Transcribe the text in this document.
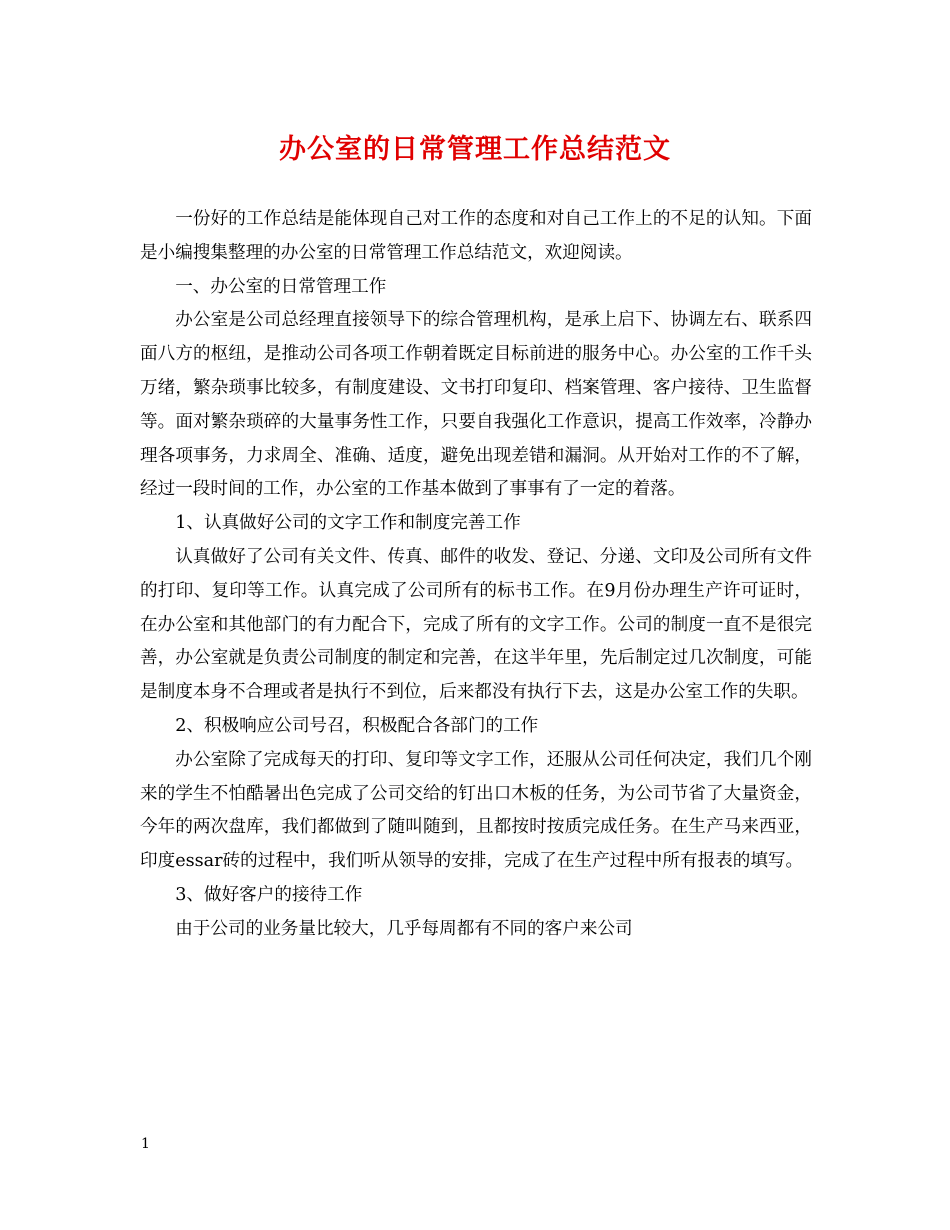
办公室的日常管理工作总结范文

一份好的工作总结是能体现自己对工作的态度和对自己工作上的不足的认知。下面是小编搜集整理的办公室的日常管理工作总结范文，欢迎阅读。

一、办公室的日常管理工作

办公室是公司总经理直接领导下的综合管理机构，是承上启下、协调左右、联系四面八方的枢纽，是推动公司各项工作朝着既定目标前进的服务中心。办公室的工作千头万绪，繁杂琐事比较多，有制度建设、文书打印复印、档案管理、客户接待、卫生监督等。面对繁杂琐碎的大量事务性工作，只要自我强化工作意识，提高工作效率，冷静办理各项事务，力求周全、准确、适度，避免出现差错和漏洞。从开始对工作的不了解，经过一段时间的工作，办公室的工作基本做到了事事有了一定的着落。

1、认真做好公司的文字工作和制度完善工作

认真做好了公司有关文件、传真、邮件的收发、登记、分递、文印及公司所有文件的打印、复印等工作。认真完成了公司所有的标书工作。在9月份办理生产许可证时，在办公室和其他部门的有力配合下，完成了所有的文字工作。公司的制度一直不是很完善，办公室就是负责公司制度的制定和完善，在这半年里，先后制定过几次制度，可能是制度本身不合理或者是执行不到位，后来都没有执行下去，这是办公室工作的失职。

2、积极响应公司号召，积极配合各部门的工作

办公室除了完成每天的打印、复印等文字工作，还服从公司任何决定，我们几个刚来的学生不怕酷暑出色完成了公司交给的钉出口木板的任务，为公司节省了大量资金，今年的两次盘库，我们都做到了随叫随到，且都按时按质完成任务。在生产马来西亚，印度essar砖的过程中，我们听从领导的安排，完成了在生产过程中所有报表的填写。

3、做好客户的接待工作

由于公司的业务量比较大，几乎每周都有不同的客户来公司

1
